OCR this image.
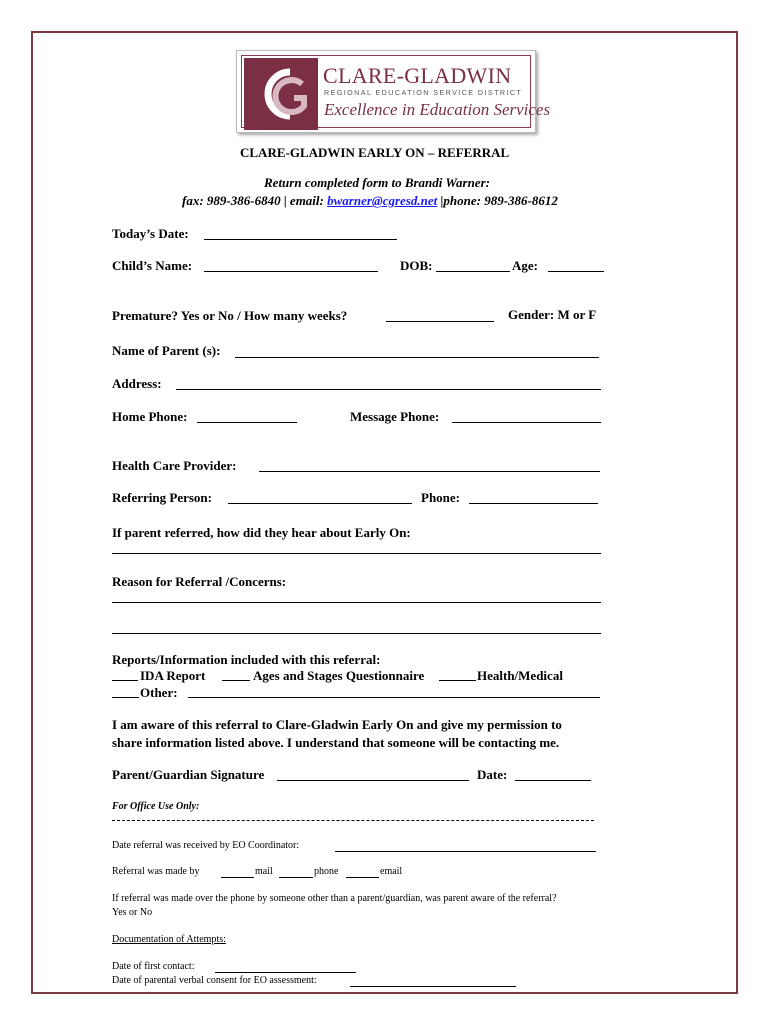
CLARE-GLADWIN
REGIONAL EDUCATION SERVICE DISTRICT
Excellence in Education Services
CLARE-GLADWIN EARLY ON – REFERRAL
Return completed form to Brandi Warner:
fax: 989-386-6840 | email: bwarner@cgresd.net |phone: 989-386-8612
Today’s Date:
Child’s Name:	DOB:	Age:
Premature? Yes or No / How many weeks?	Gender: M or F
Name of Parent (s):
Address:
Home Phone:	Message Phone:
Health Care Provider:
Referring Person:	Phone:
If parent referred, how did they hear about Early On:
Reason for Referral /Concerns:
Reports/Information included with this referral:
IDA Report	Ages and Stages Questionnaire	Health/Medical
Other:
I am aware of this referral to Clare-Gladwin Early On and give my permission to
share information listed above. I understand that someone will be contacting me.
Parent/Guardian Signature	Date:
For Office Use Only:
Date referral was received by EO Coordinator:
Referral was made by	mail	phone	email
If referral was made over the phone by someone other than a parent/guardian, was parent aware of the referral?
Yes or No
Documentation of Attempts:
Date of first contact:
Date of parental verbal consent for EO assessment:
